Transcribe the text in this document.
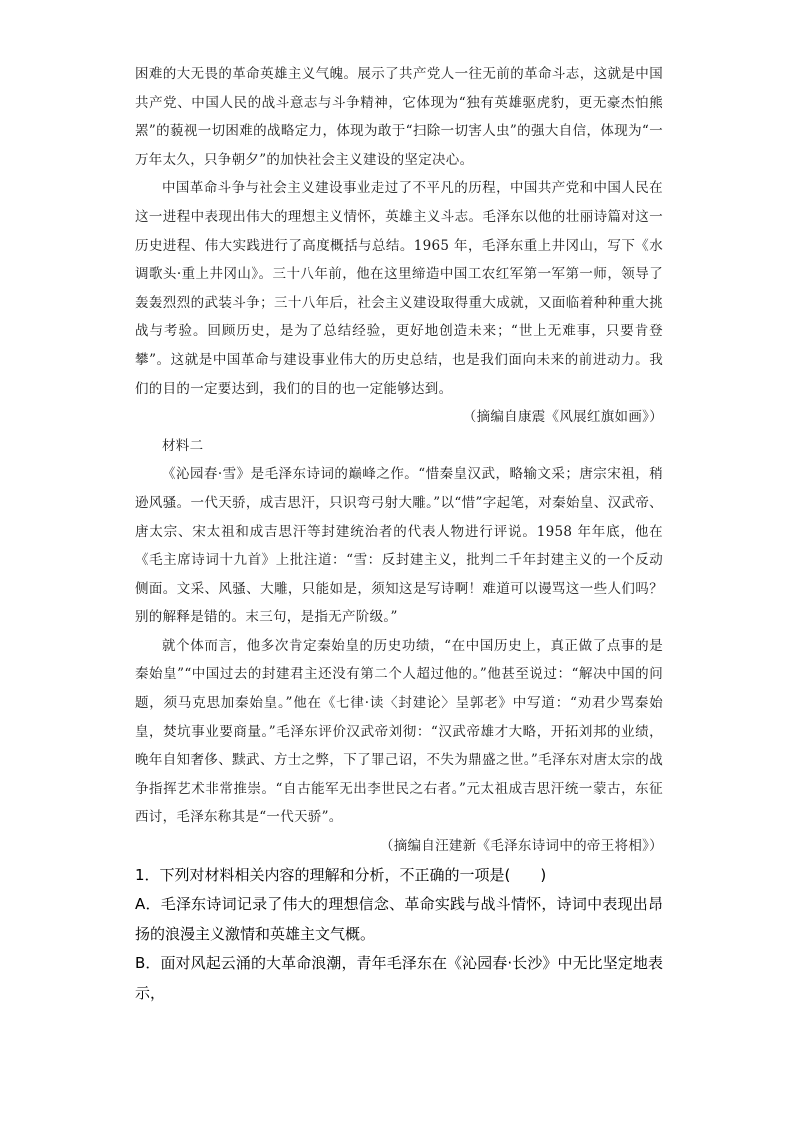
困难的大无畏的革命英雄主义气魄。展示了共产党人一往无前的革命斗志，这就是中国共产党、中国人民的战斗意志与斗争精神，它体现为“独有英雄驱虎豹，更无豪杰怕熊罴”的藐视一切困难的战略定力，体现为敢于“扫除一切害人虫”的强大自信，体现为“一万年太久，只争朝夕”的加快社会主义建设的坚定决心。

中国革命斗争与社会主义建设事业走过了不平凡的历程，中国共产党和中国人民在这一进程中表现出伟大的理想主义情怀，英雄主义斗志。毛泽东以他的壮丽诗篇对这一历史进程、伟大实践进行了高度概括与总结。1965 年，毛泽东重上井冈山，写下《水调歌头·重上井冈山》。三十八年前，他在这里缔造中国工农红军第一军第一师，领导了轰轰烈烈的武装斗争；三十八年后，社会主义建设取得重大成就，又面临着种种重大挑战与考验。回顾历史，是为了总结经验，更好地创造未来；“世上无难事，只要肯登攀”。这就是中国革命与建设事业伟大的历史总结，也是我们面向未来的前进动力。我们的目的一定要达到，我们的目的也一定能够达到。

（摘编自康震《风展红旗如画》）

材料二

《沁园春·雪》是毛泽东诗词的巅峰之作。“惜秦皇汉武，略输文采；唐宗宋祖，稍逊风骚。一代天骄，成吉思汗，只识弯弓射大雕。”以“惜”字起笔，对秦始皇、汉武帝、唐太宗、宋太祖和成吉思汗等封建统治者的代表人物进行评说。1958 年年底，他在《毛主席诗词十九首》上批注道：“雪：反封建主义，批判二千年封建主义的一个反动侧面。文采、风骚、大雕，只能如是，须知这是写诗啊！难道可以谩骂这一些人们吗？别的解释是错的。末三句，是指无产阶级。”

就个体而言，他多次肯定秦始皇的历史功绩，“在中国历史上，真正做了点事的是秦始皇”“中国过去的封建君主还没有第二个人超过他的。”他甚至说过：“解决中国的问题，须马克思加秦始皇。”他在《七律·读〈封建论〉呈郭老》中写道：“劝君少骂秦始皇，焚坑事业要商量。”毛泽东评价汉武帝刘彻：“汉武帝雄才大略，开拓刘邦的业绩，晚年自知奢侈、黩武、方士之弊，下了罪己诏，不失为鼎盛之世。”毛泽东对唐太宗的战争指挥艺术非常推崇。“自古能军无出李世民之右者。”元太祖成吉思汗统一蒙古，东征西讨，毛泽东称其是“一代天骄”。

（摘编自汪建新《毛泽东诗词中的帝王将相》）

1．下列对材料相关内容的理解和分析，不正确的一项是(　　)

A．毛泽东诗词记录了伟大的理想信念、革命实践与战斗情怀，诗词中表现出昂扬的浪漫主义激情和英雄主文气概。

B．面对风起云涌的大革命浪潮，青年毛泽东在《沁园春·长沙》中无比坚定地表示，
